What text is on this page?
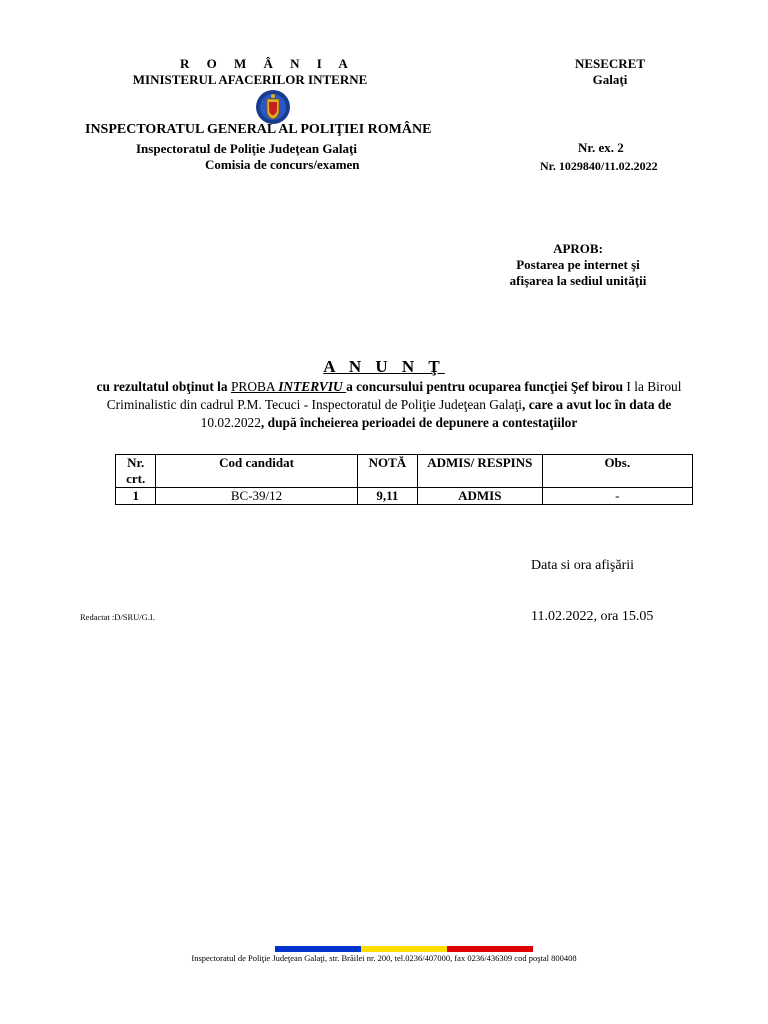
R O M Â N I A
MINISTERUL AFACERILOR INTERNE
INSPECTORATUL GENERAL AL POLIŢIEI ROMÂNE
Inspectoratul de Poliţie Judeţean Galaţi
Comisia de concurs/examen
NESECRET
Galaţi
Nr. ex. 2
Nr. 1029840/11.02.2022
APROB:
Postarea pe internet şi
afişarea la sediul unităţii
A N U N Ţ
cu rezultatul obţinut la PROBA INTERVIU a concursului pentru ocuparea funcţiei Şef birou I la Biroul Criminalistic din cadrul P.M. Tecuci - Inspectoratul de Poliţie Judeţean Galaţi, care a avut loc în data de 10.02.2022, după încheierea perioadei de depunere a contestaţiilor
Nr. crt.	Cod candidat	NOTĂ	ADMIS/ RESPINS	Obs.
1	BC-39/12	9,11	ADMIS	-
Data si ora afişării
Redactat :D/SRU/G.I.	11.02.2022, ora 15.05
Inspectoratul de Poliţie Judeţean Galaţi, str. Brăilei nr. 200, tel.0236/407000, fax 0236/436309 cod poştal 800408
